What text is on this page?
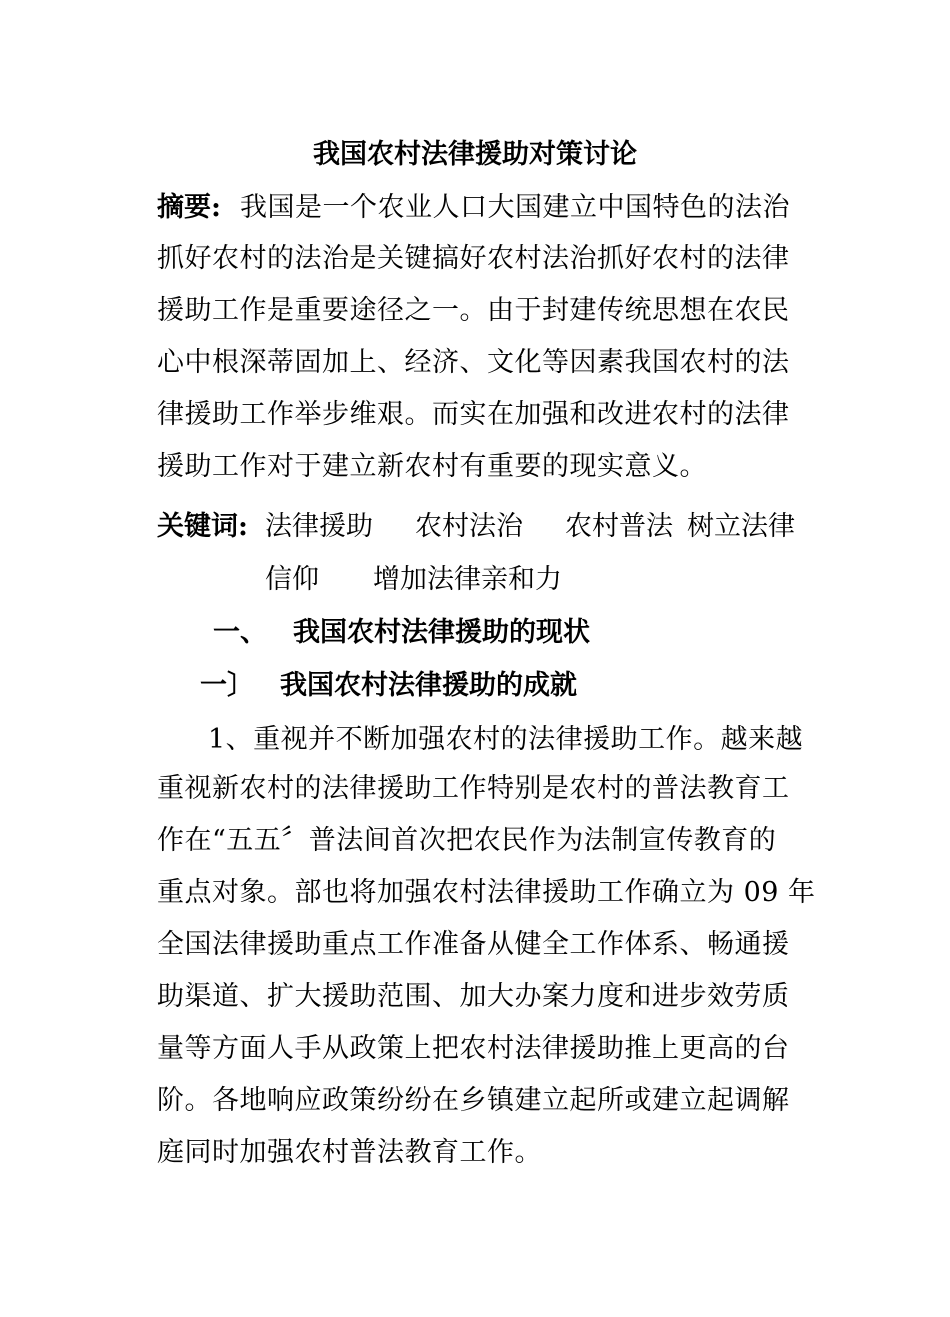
我国农村法律援助对策讨论
摘要: 我国是一个农业人口大国建立中国特色的法治
抓好农村的法治是关键搞好农村法治抓好农村的法律
援助工作是重要途径之一。由于封建传统思想在农民
心中根深蒂固加上、经济、文化等因素我国农村的法
律援助工作举步维艰。而实在加强和改进农村的法律
援助工作对于建立新农村有重要的现实意义。
关键词: 法律援助 农村法治 农村普法 树立法律
信仰 增加法律亲和力
一、 我国农村法律援助的现状
一〕 我国农村法律援助的成就
1、重视并不断加强农村的法律援助工作。越来越
重视新农村的法律援助工作特别是农村的普法教育工
作在“五五〞普法间首次把农民作为法制宣传教育的
重点对象。部也将加强农村法律援助工作确立为 09 年
全国法律援助重点工作准备从健全工作体系、畅通援
助渠道、扩大援助范围、加大办案力度和进步效劳质
量等方面人手从政策上把农村法律援助推上更高的台
阶。各地响应政策纷纷在乡镇建立起所或建立起调解
庭同时加强农村普法教育工作。
